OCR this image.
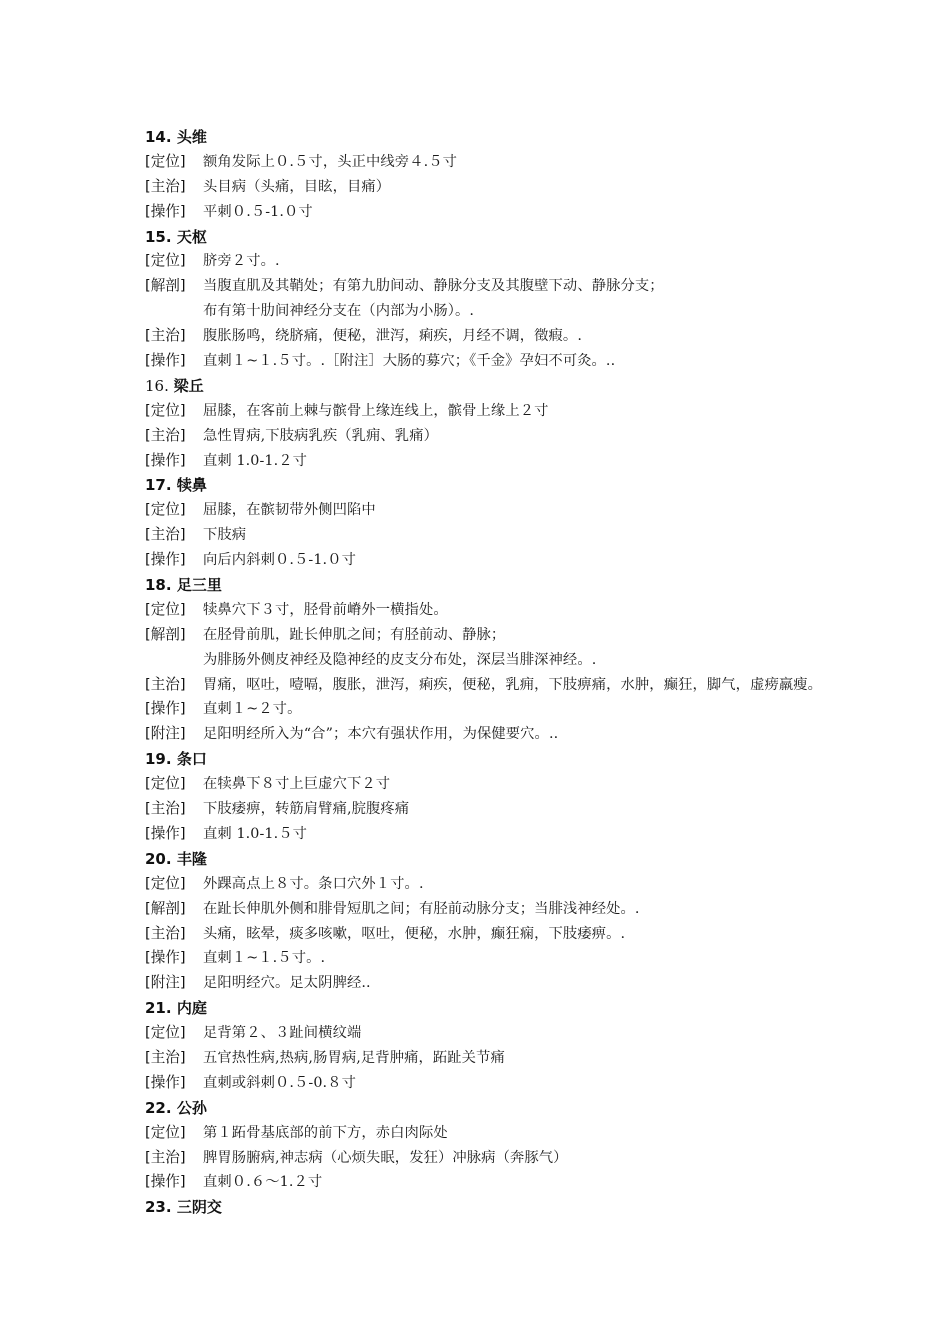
14. 头维
[定位] 额角发际上０.５寸，头正中线旁４.５寸
[主治] 头目病（头痛，目眩，目痛）
[操作] 平刺０.５-1.０寸
15. 天枢
[定位] 脐旁２寸。.
[解剖] 当腹直肌及其鞘处；有第九肋间动、静脉分支及其腹壁下动、静脉分支；
布有第十肋间神经分支在（内部为小肠）。.
[主治] 腹胀肠鸣，绕脐痛，便秘，泄泻，痢疾，月经不调，徵瘕。.
[操作] 直刺１~１.５寸。.［附注］大肠的募穴；《千金》孕妇不可灸。..
16. 梁丘
[定位] 屈膝，在客前上棘与髌骨上缘连线上，髌骨上缘上２寸
[主治] 急性胃病,下肢病乳疾（乳痈、乳痛）
[操作] 直刺 1.0-1.２寸
17. 犊鼻
[定位] 屈膝，在髌韧带外侧凹陷中
[主治] 下肢病
[操作] 向后内斜刺０.５-1.０寸
18. 足三里
[定位] 犊鼻穴下３寸，胫骨前嵴外一横指处。
[解剖] 在胫骨前肌，趾长伸肌之间；有胫前动、静脉；
为腓肠外侧皮神经及隐神经的皮支分布处，深层当腓深神经。.
[主治] 胃痛，呕吐，噎嗝，腹胀，泄泻，痢疾，便秘，乳痈，下肢痹痛，水肿，癫狂，脚气，虚痨羸瘦。
[操作] 直刺１~２寸。
[附注] 足阳明经所入为“合”；本穴有强状作用，为保健要穴。..
19. 条口
[定位] 在犊鼻下８寸上巨虚穴下２寸
[主治] 下肢痿痹，转筋肩臂痛,脘腹疼痛
[操作] 直刺 1.0-1.５寸
20. 丰隆
[定位] 外踝高点上８寸。条口穴外１寸。.
[解剖] 在趾长伸肌外侧和腓骨短肌之间；有胫前动脉分支；当腓浅神经处。.
[主治] 头痛，眩晕，痰多咳嗽，呕吐，便秘，水肿，癫狂痫，下肢痿痹。.
[操作] 直刺１~１.５寸。.
[附注] 足阳明经穴。足太阴脾经..
21. 内庭
[定位] 足背第２、３趾间横纹端
[主治] 五官热性病,热病,肠胃病,足背肿痛，跖趾关节痛
[操作] 直刺或斜刺０.５-0.８寸
22. 公孙
[定位] 第１跖骨基底部的前下方，赤白肉际处
[主治] 脾胃肠腑病,神志病（心烦失眠，发狂）冲脉病（奔豚气）
[操作] 直刺０.６～1.２寸
23. 三阴交
